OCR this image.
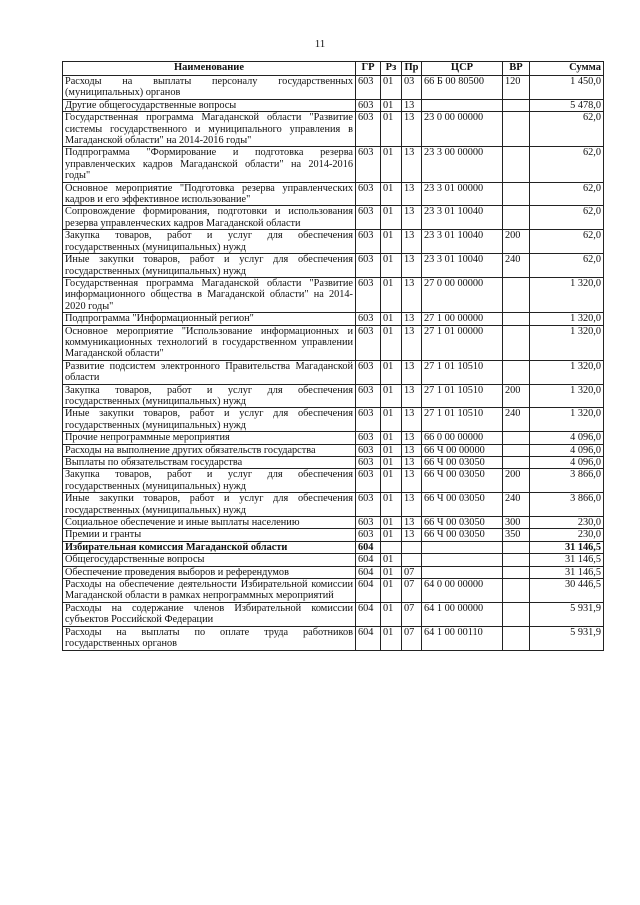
11
Наименование	ГР	Рз	Пр	ЦСР	ВР	Сумма
Расходы на выплаты персоналу государственных (муниципальных) органов	603	01	03	66 Б 00 80500	120	1 450,0
Другие общегосударственные вопросы	603	01	13			5 478,0
Государственная программа Магаданской области "Развитие системы государственного и муниципального управления в Магаданской области" на 2014-2016 годы"	603	01	13	23 0 00 00000		62,0
Подпрограмма "Формирование и подготовка резерва управленческих кадров Магаданской области" на 2014-2016 годы"	603	01	13	23 3 00 00000		62,0
Основное мероприятие "Подготовка резерва управленческих кадров и его эффективное использование"	603	01	13	23 3 01 00000		62,0
Сопровождение формирования, подготовки и использования резерва управленческих кадров Магаданской области	603	01	13	23 3 01 10040		62,0
Закупка товаров, работ и услуг для обеспечения государственных (муниципальных) нужд	603	01	13	23 3 01 10040	200	62,0
Иные закупки товаров, работ и услуг для обеспечения государственных (муниципальных) нужд	603	01	13	23 3 01 10040	240	62,0
Государственная программа Магаданской области "Развитие информационного общества в Магаданской области" на 2014-2020 годы"	603	01	13	27 0 00 00000		1 320,0
Подпрограмма "Информационный регион"	603	01	13	27 1 00 00000		1 320,0
Основное мероприятие "Использование информационных и коммуникационных технологий в государственном управлении Магаданской области"	603	01	13	27 1 01 00000		1 320,0
Развитие подсистем электронного Правительства Магаданской области	603	01	13	27 1 01 10510		1 320,0
Закупка товаров, работ и услуг для обеспечения государственных (муниципальных) нужд	603	01	13	27 1 01 10510	200	1 320,0
Иные закупки товаров, работ и услуг для обеспечения государственных (муниципальных) нужд	603	01	13	27 1 01 10510	240	1 320,0
Прочие непрограммные мероприятия	603	01	13	66 0 00 00000		4 096,0
Расходы на выполнение других обязательств государства	603	01	13	66 Ч 00 00000		4 096,0
Выплаты по обязательствам государства	603	01	13	66 Ч 00 03050		4 096,0
Закупка товаров, работ и услуг для обеспечения государственных (муниципальных) нужд	603	01	13	66 Ч 00 03050	200	3 866,0
Иные закупки товаров, работ и услуг для обеспечения государственных (муниципальных) нужд	603	01	13	66 Ч 00 03050	240	3 866,0
Социальное обеспечение и иные выплаты населению	603	01	13	66 Ч 00 03050	300	230,0
Премии и гранты	603	01	13	66 Ч 00 03050	350	230,0
Избирательная комиссия Магаданской области	604					31 146,5
Общегосударственные вопросы	604	01				31 146,5
Обеспечение проведения выборов и референдумов	604	01	07			31 146,5
Расходы на обеспечение деятельности Избирательной комиссии Магаданской области в рамках непрограммных мероприятий	604	01	07	64 0 00 00000		30 446,5
Расходы на содержание членов Избирательной комиссии субъектов Российской Федерации	604	01	07	64 1 00 00000		5 931,9
Расходы на выплаты по оплате труда работников государственных органов	604	01	07	64 1 00 00110		5 931,9
